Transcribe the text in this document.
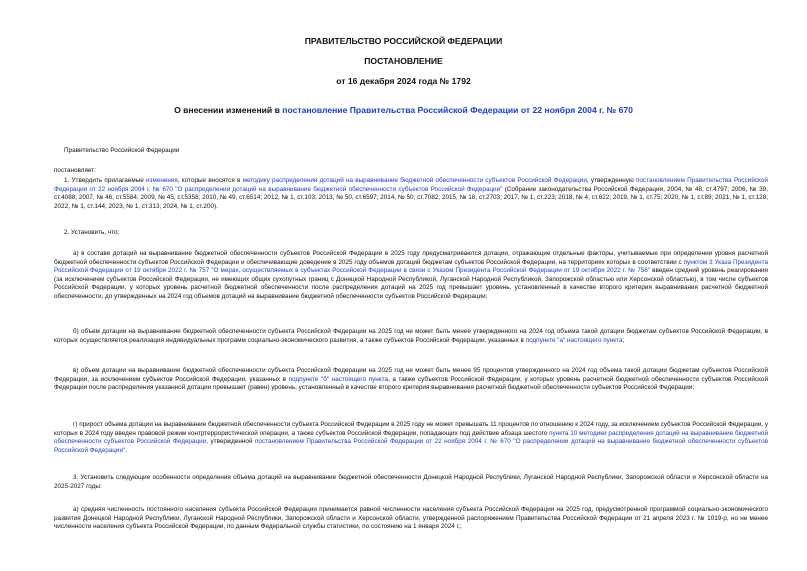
ПРАВИТЕЛЬСТВО РОССИЙСКОЙ ФЕДЕРАЦИИ
ПОСТАНОВЛЕНИЕ
от 16 декабря 2024 года № 1792
О внесении изменений в постановление Правительства Российской Федерации от 22 ноября 2004 г. № 670
Правительство Российской Федерации
постановляет:
1. Утвердить прилагаемые изменения, которые вносятся в методику распределения дотаций на выравнивание бюджетной обеспеченности субъектов Российской Федерации, утвержденную постановлением Правительства Российской Федерации от 22 ноября 2004 г. № 670 "О распределении дотаций на выравнивание бюджетной обеспеченности субъектов Российской Федерации" (Собрание законодательства Российской Федерации, 2004, № 48, ст.4797; 2006, № 39, ст.4088; 2007, № 46, ст.5584; 2009, № 45, ст.5358; 2010, № 49, ст.6514; 2012, № 1, ст.103; 2013, № 50, ст.6597; 2014, № 50, ст.7082; 2015, № 18, ст.2703; 2017, № 1, ст.223; 2018, № 4, ст.622; 2019, № 1, ст.75; 2020, № 1, ст.89; 2021, № 1, ст.128; 2022, № 1, ст.144; 2023, № 1, ст.313; 2024, № 1, ст.200).
2. Установить, что:
а) в составе дотаций на выравнивание бюджетной обеспеченности субъектов Российской Федерации в 2025 году предусматриваются дотации, отражающие отдельные факторы, учитываемые при определении уровня расчетной бюджетной обеспеченности субъектов Российской Федерации и обеспечивающие доведение в 2025 году объемов дотаций бюджетам субъектов Российской Федерации, на территориях которых в соответствии с пунктом 3 Указа Президента Российской Федерации от 19 октября 2022 г. № 757 "О мерах, осуществляемых в субъектах Российской Федерации в связи с Указом Президента Российской Федерации от 19 октября 2022 г. № 756" введен средний уровень реагирования (за исключением субъектов Российской Федерации, не имеющих общих сухопутных границ с Донецкой Народной Республикой, Луганской Народной Республикой, Запорожской областью или Херсонской областью), в том числе субъектов Российской Федерации, у которых уровень расчетной бюджетной обеспеченности после распределения дотаций на 2025 год превышает уровень, установленный в качестве второго критерия выравнивания расчетной бюджетной обеспеченности, до утвержденных на 2024 год объемов дотаций на выравнивание бюджетной обеспеченности субъектов Российской Федерации;
б) объем дотации на выравнивание бюджетной обеспеченности субъекта Российской Федерации на 2025 год не может быть менее утвержденного на 2024 год объема такой дотации бюджетам субъектов Российской Федерации, в которых осуществляется реализация индивидуальных программ социально-экономического развития, а также субъектов Российской Федерации, указанных в подпункте "а" настоящего пункта;
в) объем дотации на выравнивание бюджетной обеспеченности субъекта Российской Федерации на 2025 год не может быть менее 95 процентов утвержденного на 2024 год объема такой дотации бюджетам субъектов Российской Федерации, за исключением субъектов Российской Федерации, указанных в подпункте "б" настоящего пункта, а также субъектов Российской Федерации, у которых уровень расчетной бюджетной обеспеченности субъектов Российской Федерации после распределения указанной дотации превышает (равен) уровень, установленный в качестве второго критерия выравнивания расчетной бюджетной обеспеченности субъектов Российской Федерации;
г) прирост объема дотации на выравнивание бюджетной обеспеченности субъекта Российской Федерации в 2025 году не может превышать 11 процентов по отношению к 2024 году, за исключением субъектов Российской Федерации, у которых в 2024 году введен правовой режим контртеррористической операции, а также субъектов Российской Федерации, попадающих под действие абзаца шестого пункта 10 методики распределения дотаций на выравнивание бюджетной обеспеченности субъектов Российской Федерации, утвержденной постановлением Правительства Российской Федерации от 22 ноября 2004 г. № 670 "О распределении дотаций на выравнивание бюджетной обеспеченности субъектов Российской Федерации".
3. Установить следующие особенности определения объема дотаций на выравнивание бюджетной обеспеченности Донецкой Народной Республики, Луганской Народной Республики, Запорожской области и Херсонской области на 2025-2027 годы:
а) средняя численность постоянного населения субъекта Российской Федерации принимается равной численности населения субъекта Российской Федерации на 2025 год, предусмотренной программой социально-экономического развития Донецкой Народной Республики, Луганской Народной Республики, Запорожской области и Херсонской области, утвержденной распоряжением Правительства Российской Федерации от 21 апреля 2023 г. № 1019-р, но не менее численности населения субъекта Российской Федерации, по данным Федеральной службы статистики, по состоянию на 1 января 2024 г.;
